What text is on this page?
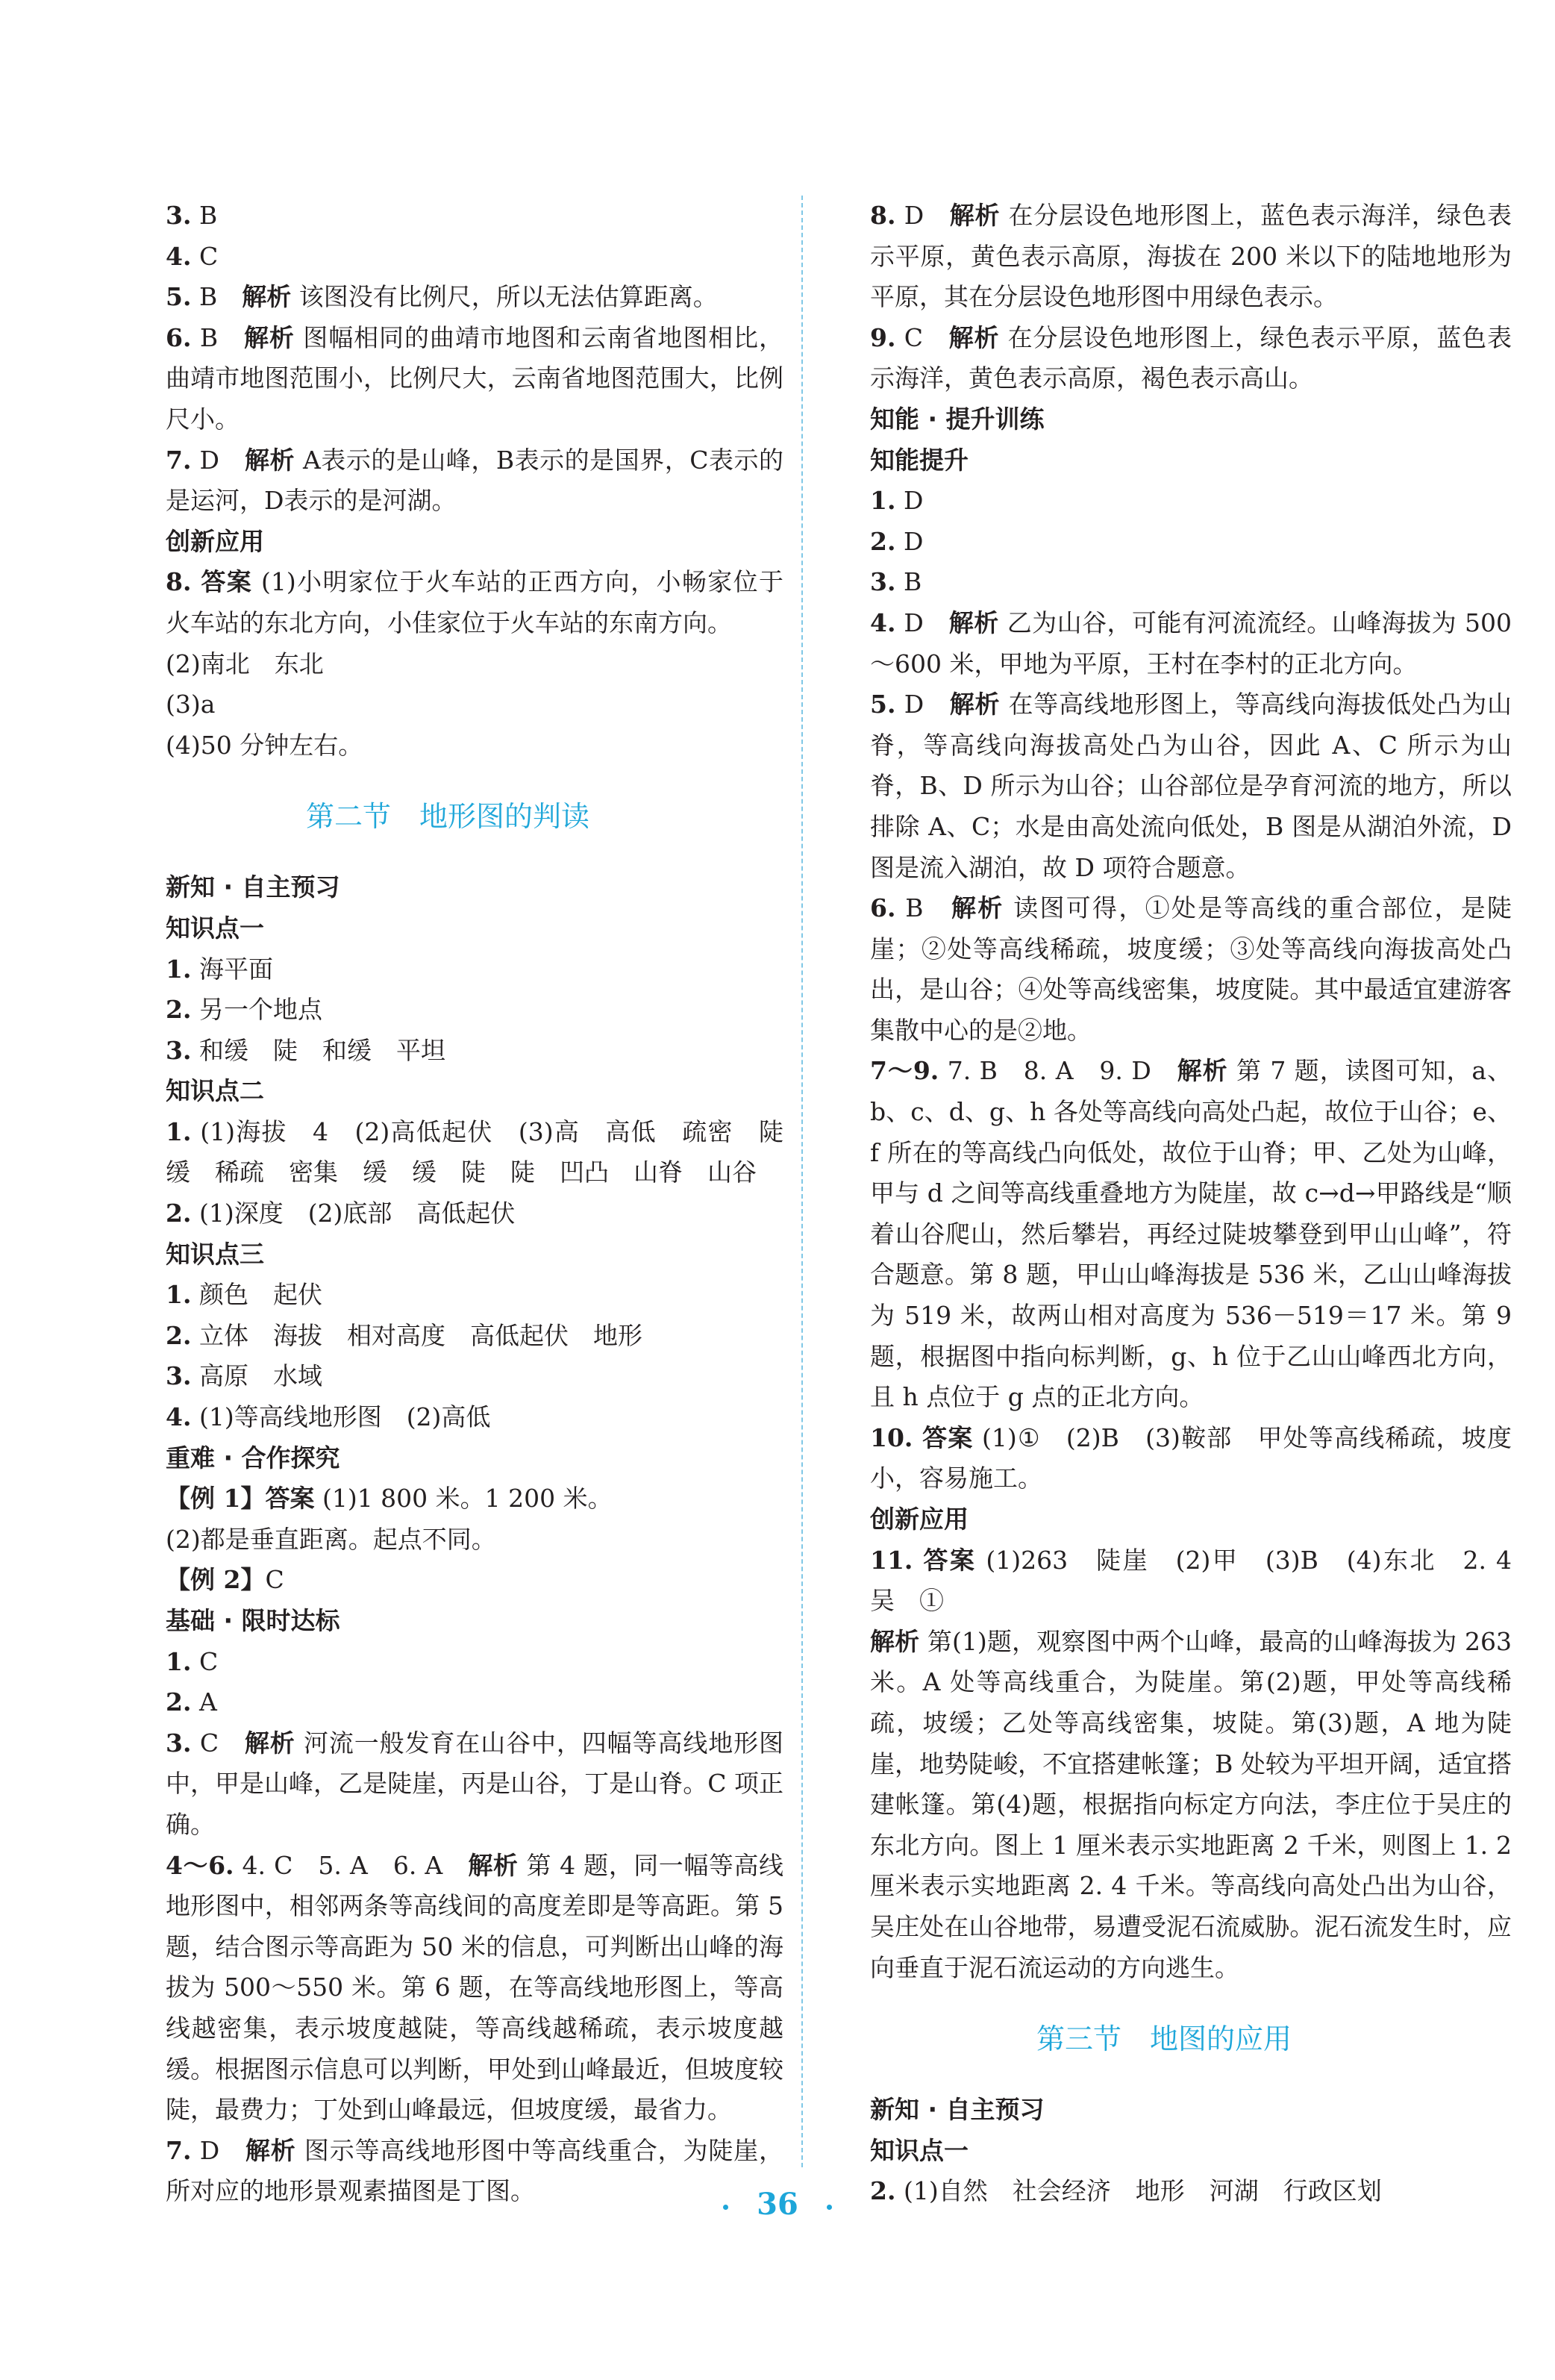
3. B　
4. C
5. B　解析 该图没有比例尺，所以无法估算距离。
6. B　解析 图幅相同的曲靖市地图和云南省地图相比，曲靖市地图范围小，比例尺大，云南省地图范围大，比例尺小。
7. D　解析 A表示的是山峰，B表示的是国界，C表示的是运河，D表示的是河湖。
创新应用
8. 答案 (1)小明家位于火车站的正西方向，小畅家位于火车站的东北方向，小佳家位于火车站的东南方向。
(2)南北　东北
(3)a
(4)50 分钟左右。
第二节　地形图的判读
新知 · 自主预习
知识点一
1. 海平面
2. 另一个地点
3. 和缓　陡　和缓　平坦
知识点二
1. (1)海拔　4　(2)高低起伏　(3)高　高低　疏密　陡缓　稀疏　密集　缓　缓　陡　陡　凹凸　山脊　山谷
2. (1)深度　(2)底部　高低起伏
知识点三
1. 颜色　起伏
2. 立体　海拔　相对高度　高低起伏　地形
3. 高原　水域
4. (1)等高线地形图　(2)高低
重难 · 合作探究
【例 1】答案 (1)1 800 米。1 200 米。
(2)都是垂直距离。起点不同。
【例 2】C
基础 · 限时达标
1. C　
2. A
3. C　解析 河流一般发育在山谷中，四幅等高线地形图中，甲是山峰，乙是陡崖，丙是山谷，丁是山脊。C 项正确。
4～6. 4. C　5. A　6. A　解析 第 4 题，同一幅等高线地形图中，相邻两条等高线间的高度差即是等高距。第 5 题，结合图示等高距为 50 米的信息，可判断出山峰的海拔为 500～550 米。第 6 题，在等高线地形图上，等高线越密集，表示坡度越陡，等高线越稀疏，表示坡度越缓。根据图示信息可以判断，甲处到山峰最近，但坡度较陡，最费力；丁处到山峰最远，但坡度缓，最省力。
7. D　解析 图示等高线地形图中等高线重合，为陡崖，所对应的地形景观素描图是丁图。
8. D　解析 在分层设色地形图上，蓝色表示海洋，绿色表示平原，黄色表示高原，海拔在 200 米以下的陆地地形为平原，其在分层设色地形图中用绿色表示。
9. C　解析 在分层设色地形图上，绿色表示平原，蓝色表示海洋，黄色表示高原，褐色表示高山。
知能 · 提升训练
知能提升
1. D　
2. D　
3. B
4. D　解析 乙为山谷，可能有河流流经。山峰海拔为 500～600 米，甲地为平原，王村在李村的正北方向。
5. D　解析 在等高线地形图上，等高线向海拔低处凸为山脊，等高线向海拔高处凸为山谷，因此 A、C 所示为山脊，B、D 所示为山谷；山谷部位是孕育河流的地方，所以排除 A、C；水是由高处流向低处，B 图是从湖泊外流，D 图是流入湖泊，故 D 项符合题意。
6. B　解析 读图可得，①处是等高线的重合部位，是陡崖；②处等高线稀疏，坡度缓；③处等高线向海拔高处凸出，是山谷；④处等高线密集，坡度陡。其中最适宜建游客集散中心的是②地。
7～9. 7. B　8. A　9. D　解析 第 7 题，读图可知，a、b、c、d、g、h 各处等高线向高处凸起，故位于山谷；e、f 所在的等高线凸向低处，故位于山脊；甲、乙处为山峰，甲与 d 之间等高线重叠地方为陡崖，故 c→d→甲路线是“顺着山谷爬山，然后攀岩，再经过陡坡攀登到甲山山峰”，符合题意。第 8 题，甲山山峰海拔是 536 米，乙山山峰海拔为 519 米，故两山相对高度为 536－519＝17 米。第 9 题，根据图中指向标判断，g、h 位于乙山山峰西北方向，且 h 点位于 g 点的正北方向。
10. 答案 (1)①　(2)B　(3)鞍部　甲处等高线稀疏，坡度小，容易施工。
创新应用
11. 答案 (1)263　陡崖　(2)甲　(3)B　(4)东北　2. 4　吴　①
解析 第(1)题，观察图中两个山峰，最高的山峰海拔为 263 米。A 处等高线重合，为陡崖。第(2)题，甲处等高线稀疏，坡缓；乙处等高线密集，坡陡。第(3)题，A 地为陡崖，地势陡峻，不宜搭建帐篷；B 处较为平坦开阔，适宜搭建帐篷。第(4)题，根据指向标定方向法，李庄位于吴庄的东北方向。图上 1 厘米表示实地距离 2 千米，则图上 1. 2 厘米表示实地距离 2. 4 千米。等高线向高处凸出为山谷，吴庄处在山谷地带，易遭受泥石流威胁。泥石流发生时，应向垂直于泥石流运动的方向逃生。
第三节　地图的应用
新知 · 自主预习
知识点一
2. (1)自然　社会经济　地形　河湖　行政区划
36
